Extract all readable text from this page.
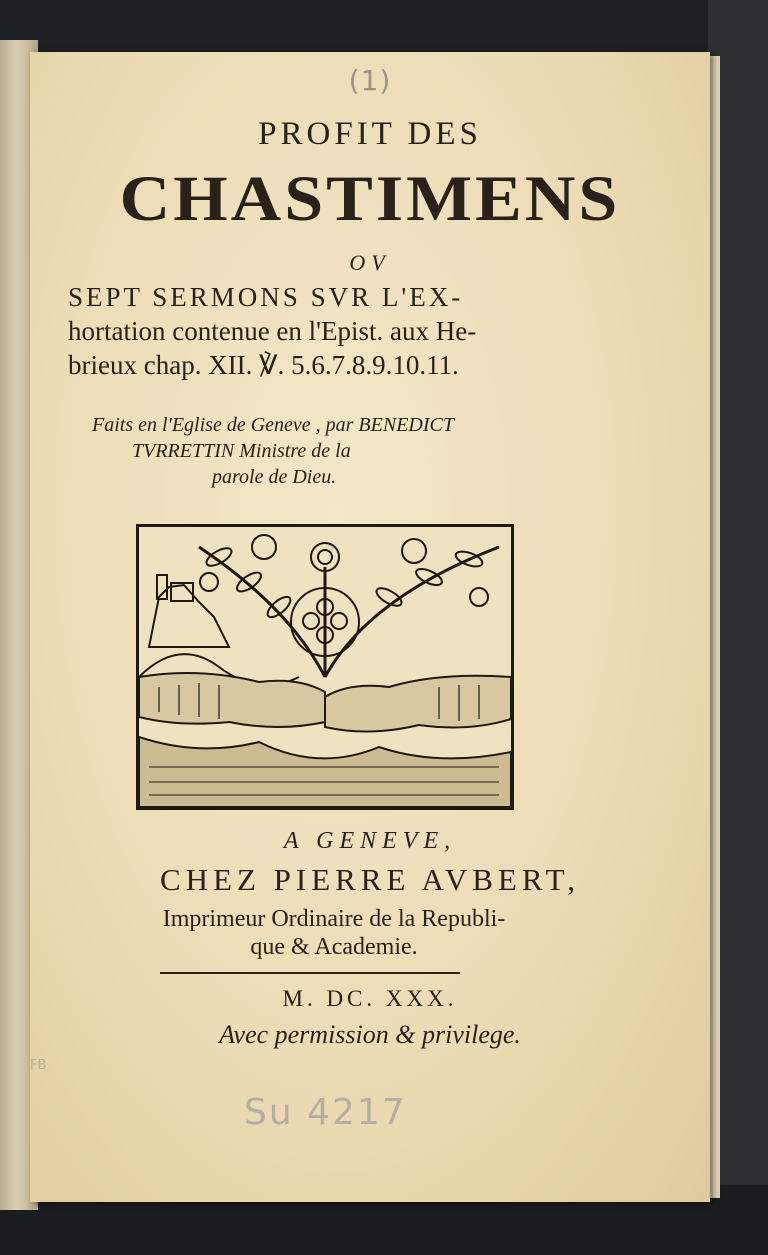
(1)
PROFIT DES
CHASTIMENS
OV
SEPT SERMONS SVR L'EX-
hortation contenue en l'Epist. aux He-
brieux chap. XII. ℣. 5.6.7.8.9.10.11.
Faits en l'Eglise de Geneve , par BENEDICT
TVRRETTIN Ministre de la
parole de Dieu.
A GENEVE,
CHEZ PIERRE AVBERT,
Imprimeur Ordinaire de la Republi-
que & Academie.
M. DC. XXX.
Avec permission & privilege.
FB
Su 4217
